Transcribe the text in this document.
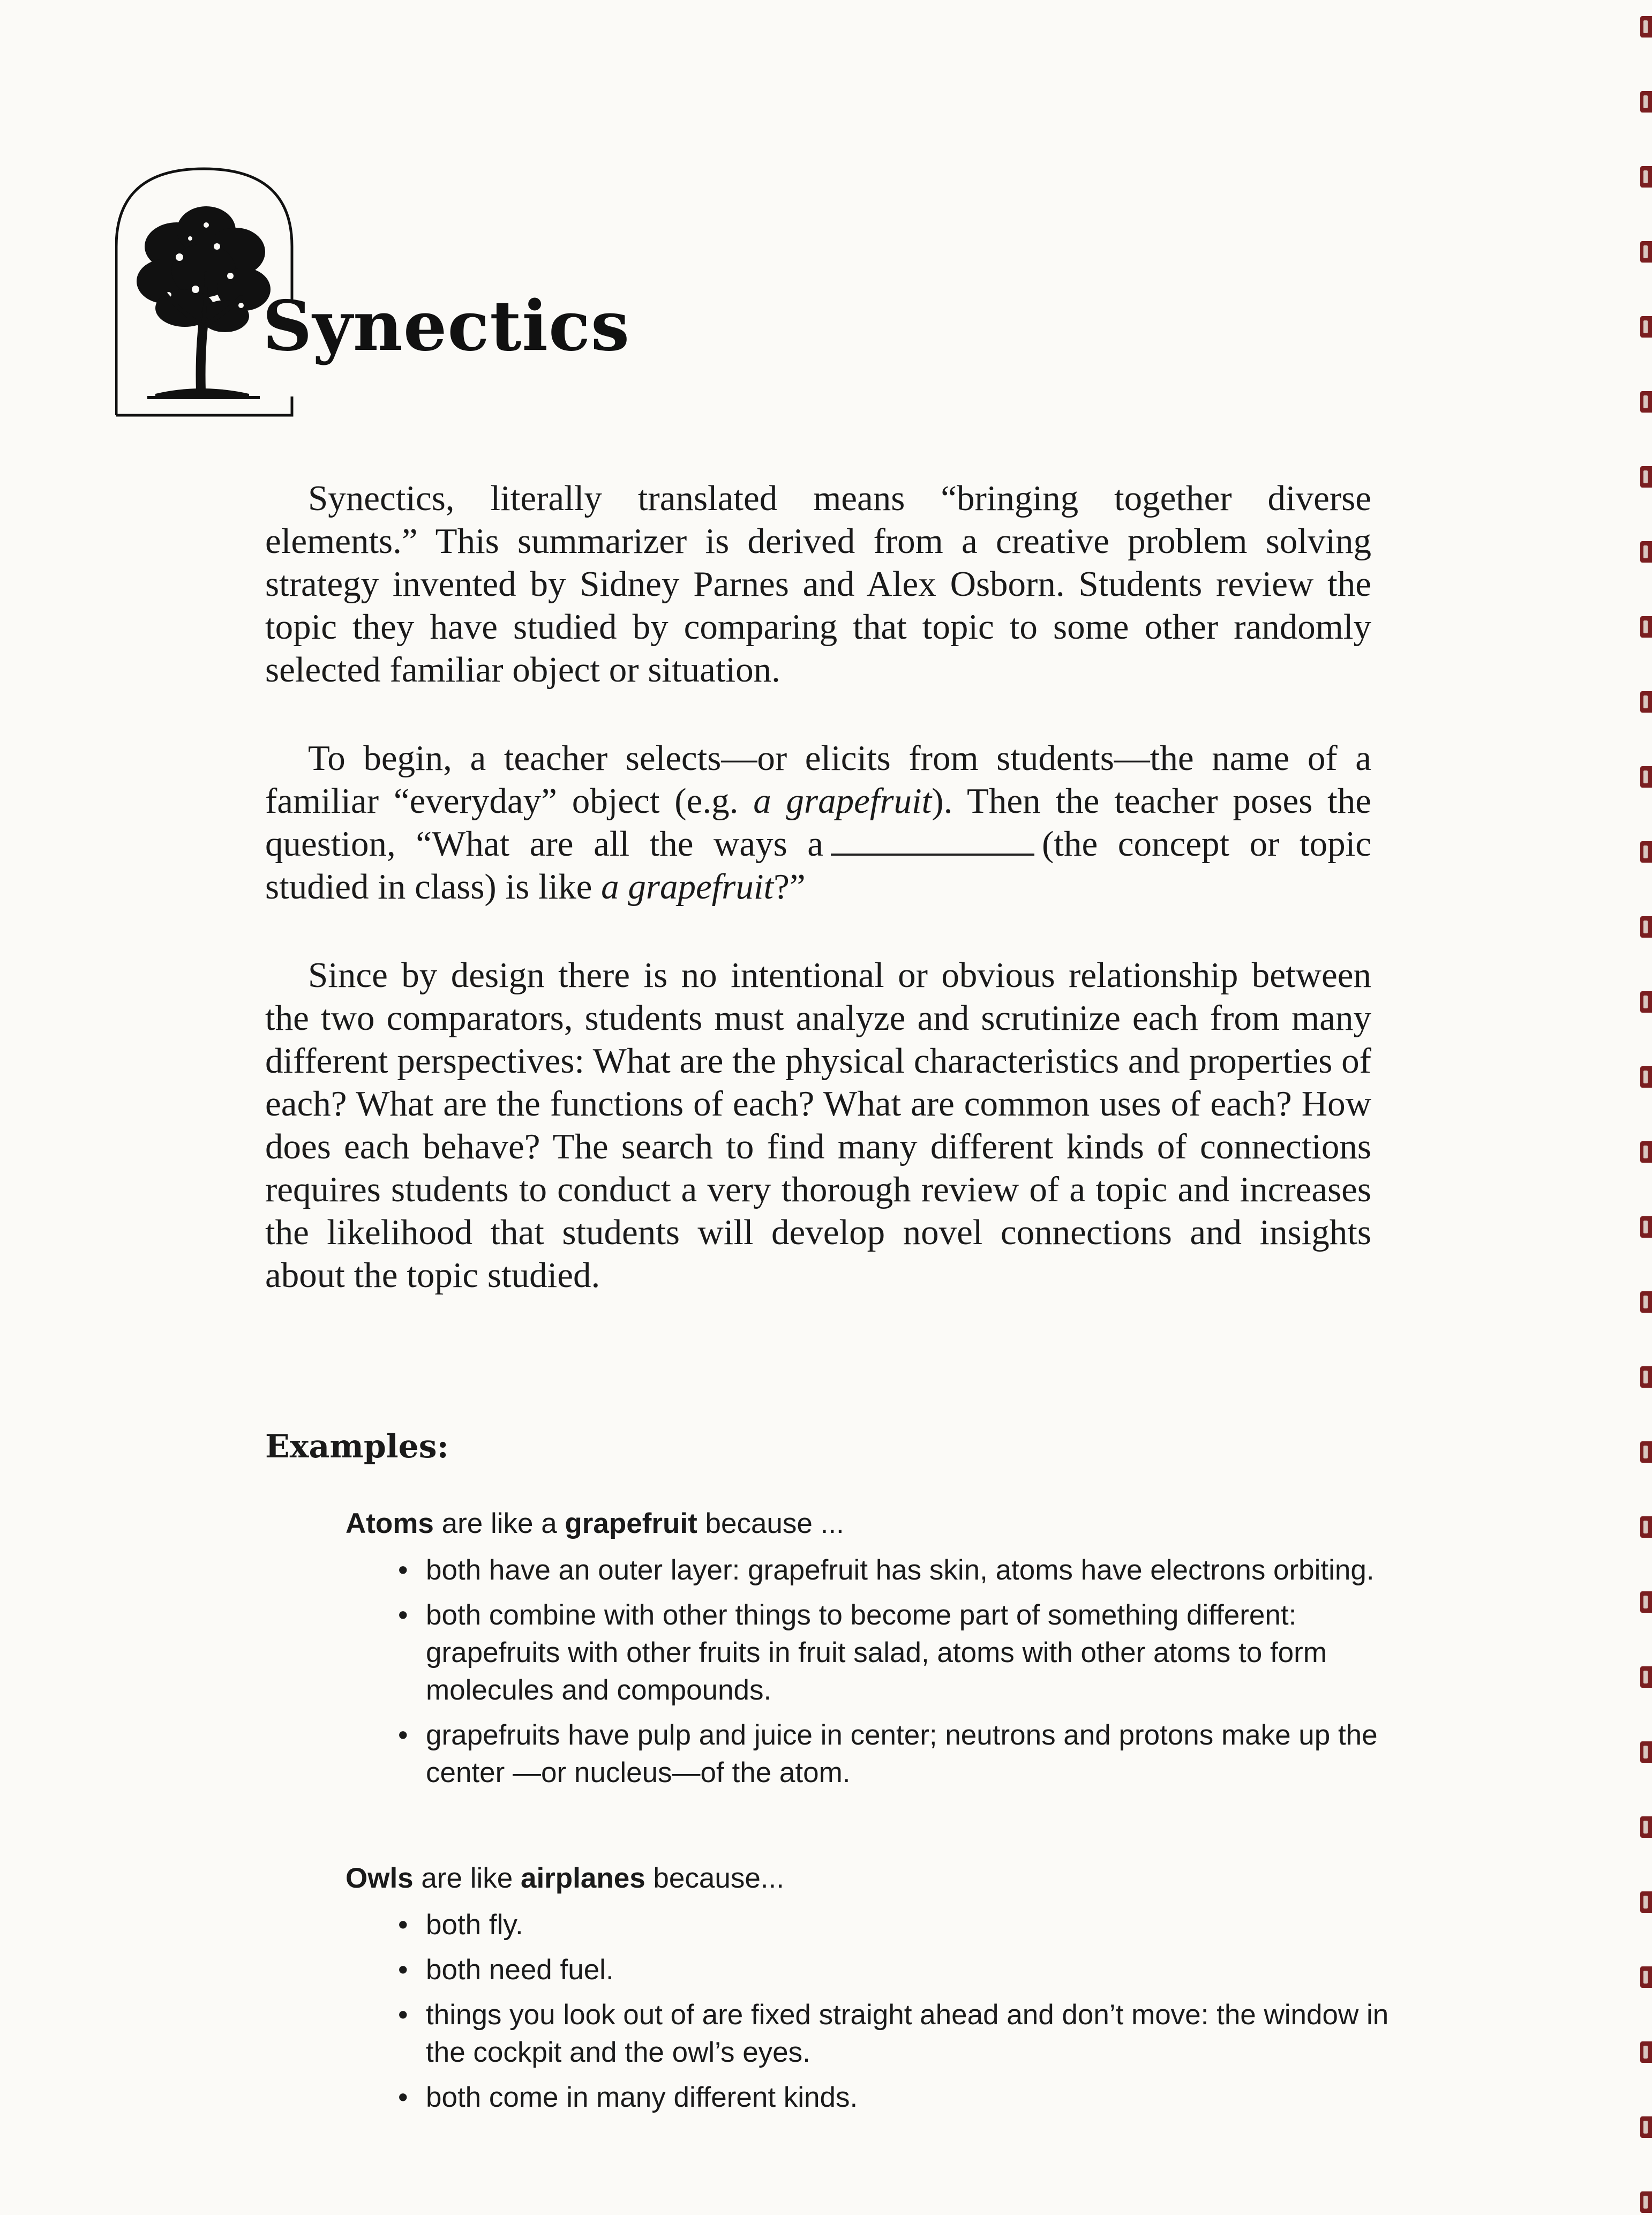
Synectics

Synectics, literally translated means “bringing together diverse elements.” This summarizer is derived from a creative problem solving strategy invented by Sidney Parnes and Alex Osborn. Students review the topic they have studied by comparing that topic to some other randomly selected familiar object or situation.

To begin, a teacher selects—or elicits from students—the name of a familiar “everyday” object (e.g. a grapefruit). Then the teacher poses the question, “What are all the ways a	(the concept or topic studied in class) is like a grapefruit?”

Since by design there is no intentional or obvious relationship between the two comparators, students must analyze and scrutinize each from many different perspectives: What are the physical characteristics and properties of each? What are the functions of each? What are common uses of each? How does each behave? The search to find many different kinds of connections requires students to conduct a very thorough review of a topic and increases the likelihood that students will develop novel connections and insights about the topic studied.

Examples:

Atoms are like a grapefruit because ...

• both have an outer layer: grapefruit has skin, atoms have electrons orbiting.
• both combine with other things to become part of something different: grapefruits with other fruits in fruit salad, atoms with other atoms to form molecules and compounds.
• grapefruits have pulp and juice in center; neutrons and protons make up the center —or nucleus—of the atom.

Owls are like airplanes because...

• both fly.
• both need fuel.
• things you look out of are fixed straight ahead and don’t move: the window in the cockpit and the owl’s eyes.
• both come in many different kinds.
